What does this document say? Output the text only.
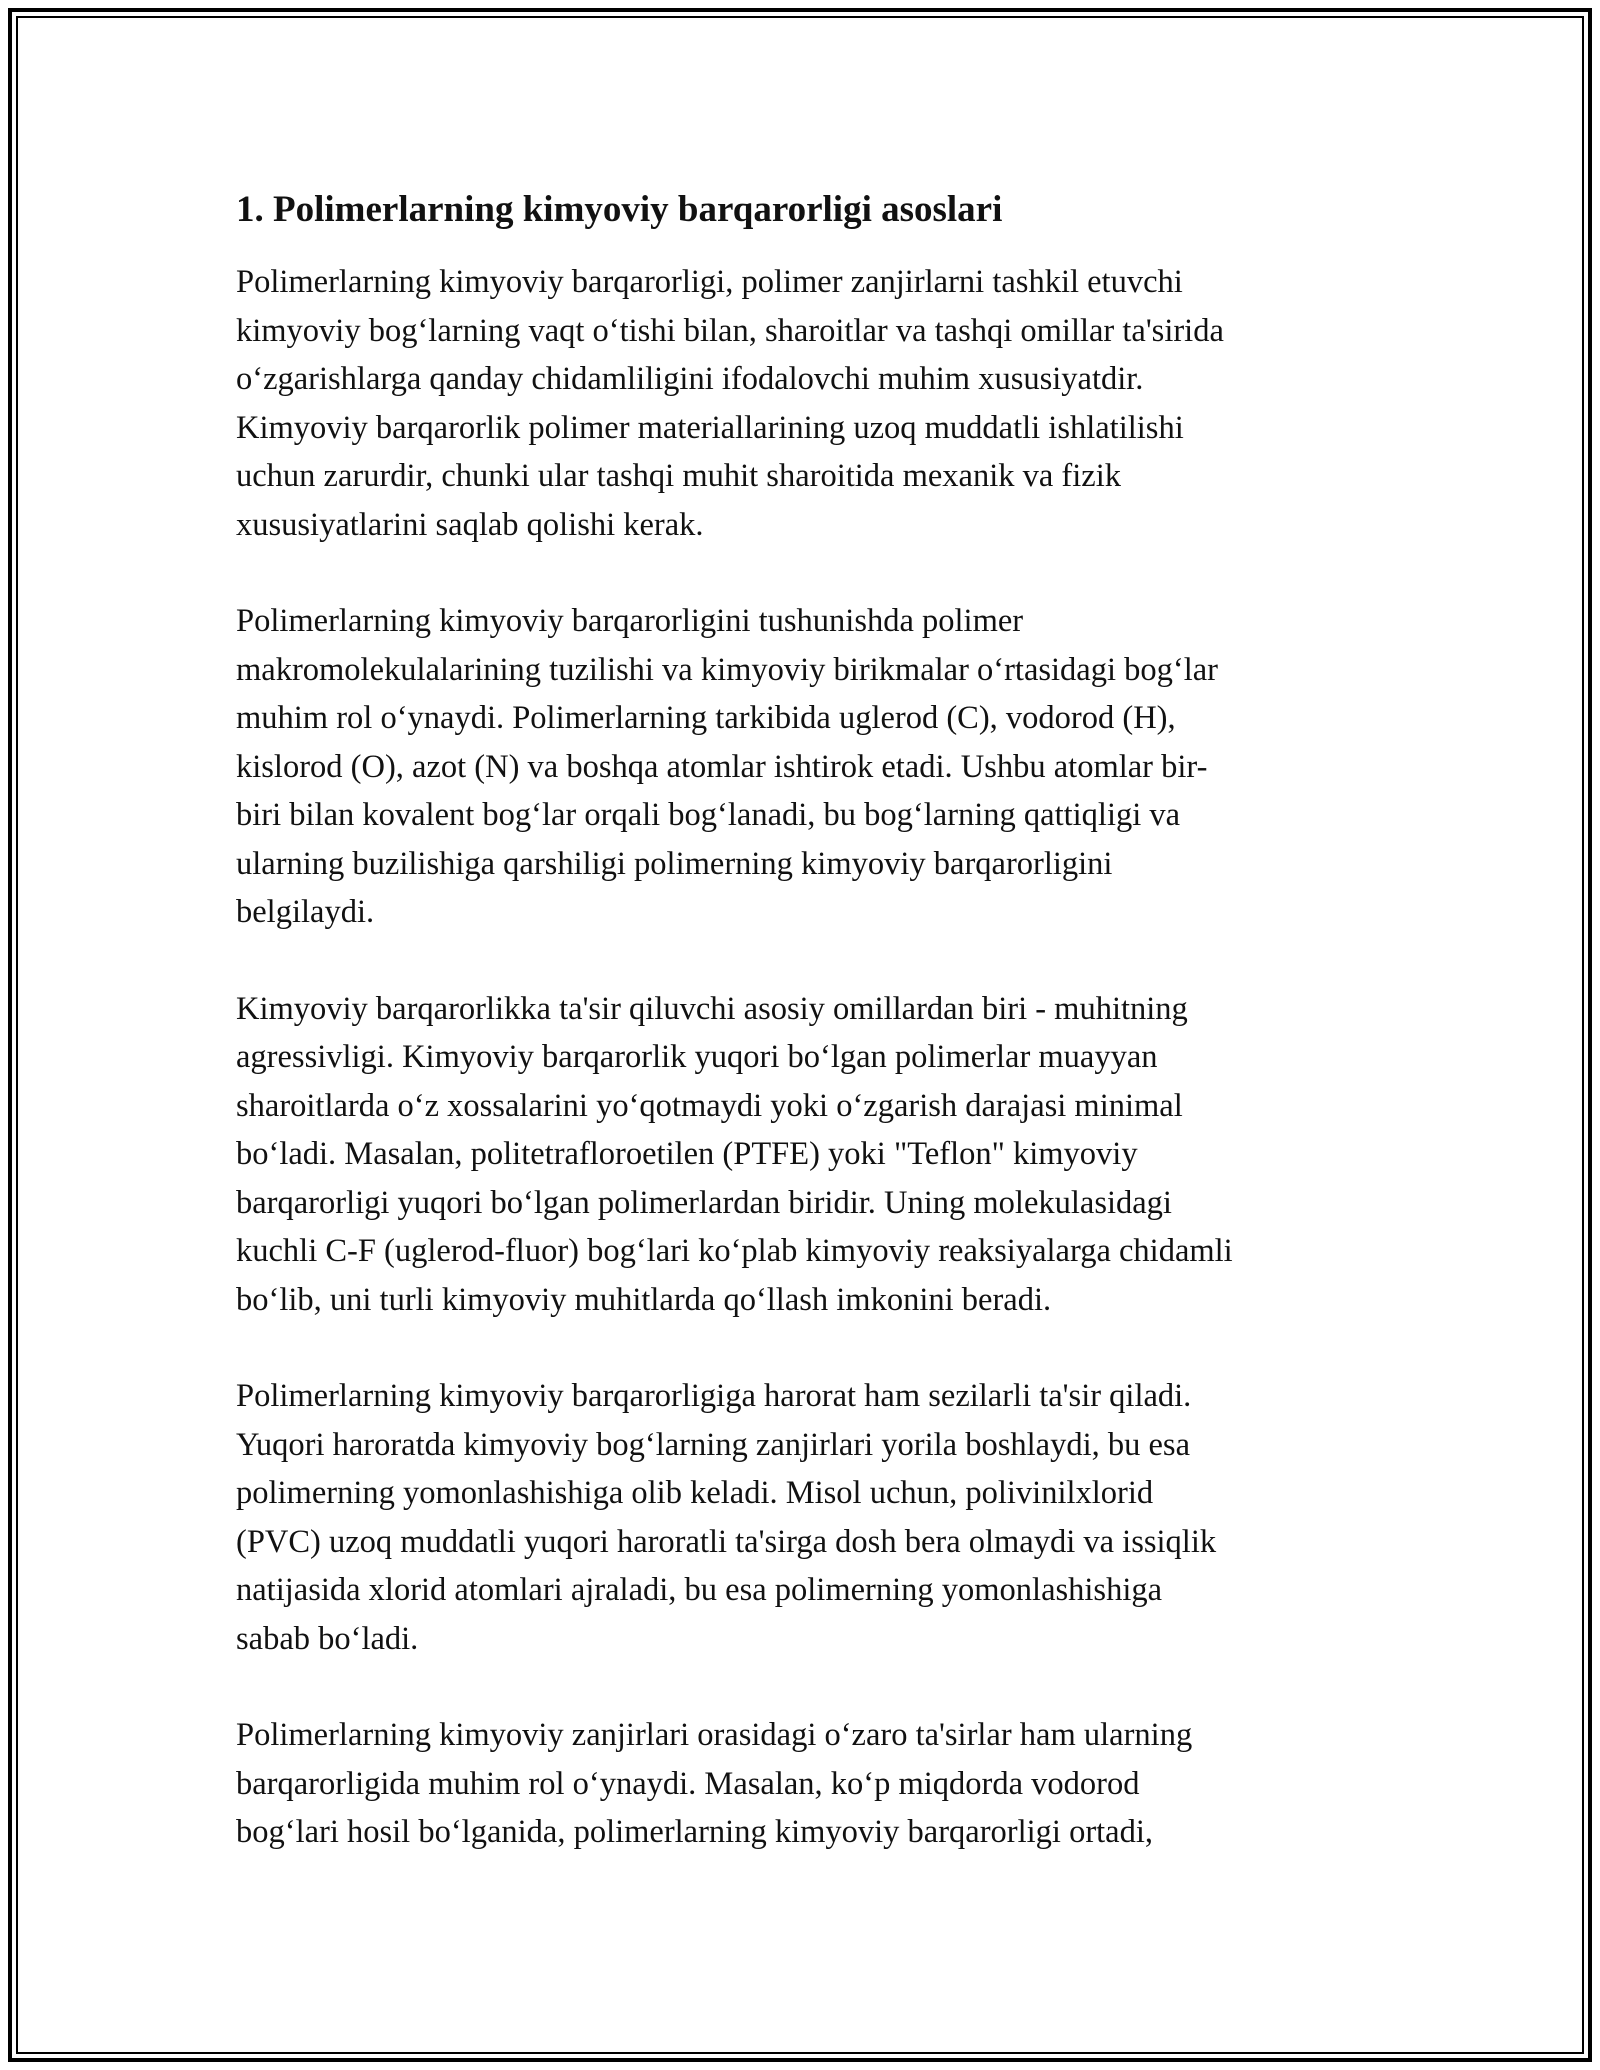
1. Polimerlarning kimyoviy barqarorligi asoslari

Polimerlarning kimyoviy barqarorligi, polimer zanjirlarni tashkil etuvchi
kimyoviy bog‘larning vaqt o‘tishi bilan, sharoitlar va tashqi omillar ta'sirida
o‘zgarishlarga qanday chidamliligini ifodalovchi muhim xususiyatdir.
Kimyoviy barqarorlik polimer materiallarining uzoq muddatli ishlatilishi
uchun zarurdir, chunki ular tashqi muhit sharoitida mexanik va fizik
xususiyatlarini saqlab qolishi kerak.

Polimerlarning kimyoviy barqarorligini tushunishda polimer
makromolekulalarining tuzilishi va kimyoviy birikmalar o‘rtasidagi bog‘lar
muhim rol o‘ynaydi. Polimerlarning tarkibida uglerod (C), vodorod (H),
kislorod (O), azot (N) va boshqa atomlar ishtirok etadi. Ushbu atomlar bir-
biri bilan kovalent bog‘lar orqali bog‘lanadi, bu bog‘larning qattiqligi va
ularning buzilishiga qarshiligi polimerning kimyoviy barqarorligini
belgilaydi.

Kimyoviy barqarorlikka ta'sir qiluvchi asosiy omillardan biri - muhitning
agressivligi. Kimyoviy barqarorlik yuqori bo‘lgan polimerlar muayyan
sharoitlarda o‘z xossalarini yo‘qotmaydi yoki o‘zgarish darajasi minimal
bo‘ladi. Masalan, politetrafloroetilen (PTFE) yoki "Teflon" kimyoviy
barqarorligi yuqori bo‘lgan polimerlardan biridir. Uning molekulasidagi
kuchli C-F (uglerod-fluor) bog‘lari ko‘plab kimyoviy reaksiyalarga chidamli
bo‘lib, uni turli kimyoviy muhitlarda qo‘llash imkonini beradi.

Polimerlarning kimyoviy barqarorligiga harorat ham sezilarli ta'sir qiladi.
Yuqori haroratda kimyoviy bog‘larning zanjirlari yorila boshlaydi, bu esa
polimerning yomonlashishiga olib keladi. Misol uchun, polivinilxlorid
(PVC) uzoq muddatli yuqori haroratli ta'sirga dosh bera olmaydi va issiqlik
natijasida xlorid atomlari ajraladi, bu esa polimerning yomonlashishiga
sabab bo‘ladi.

Polimerlarning kimyoviy zanjirlari orasidagi o‘zaro ta'sirlar ham ularning
barqarorligida muhim rol o‘ynaydi. Masalan, ko‘p miqdorda vodorod
bog‘lari hosil bo‘lganida, polimerlarning kimyoviy barqarorligi ortadi,
